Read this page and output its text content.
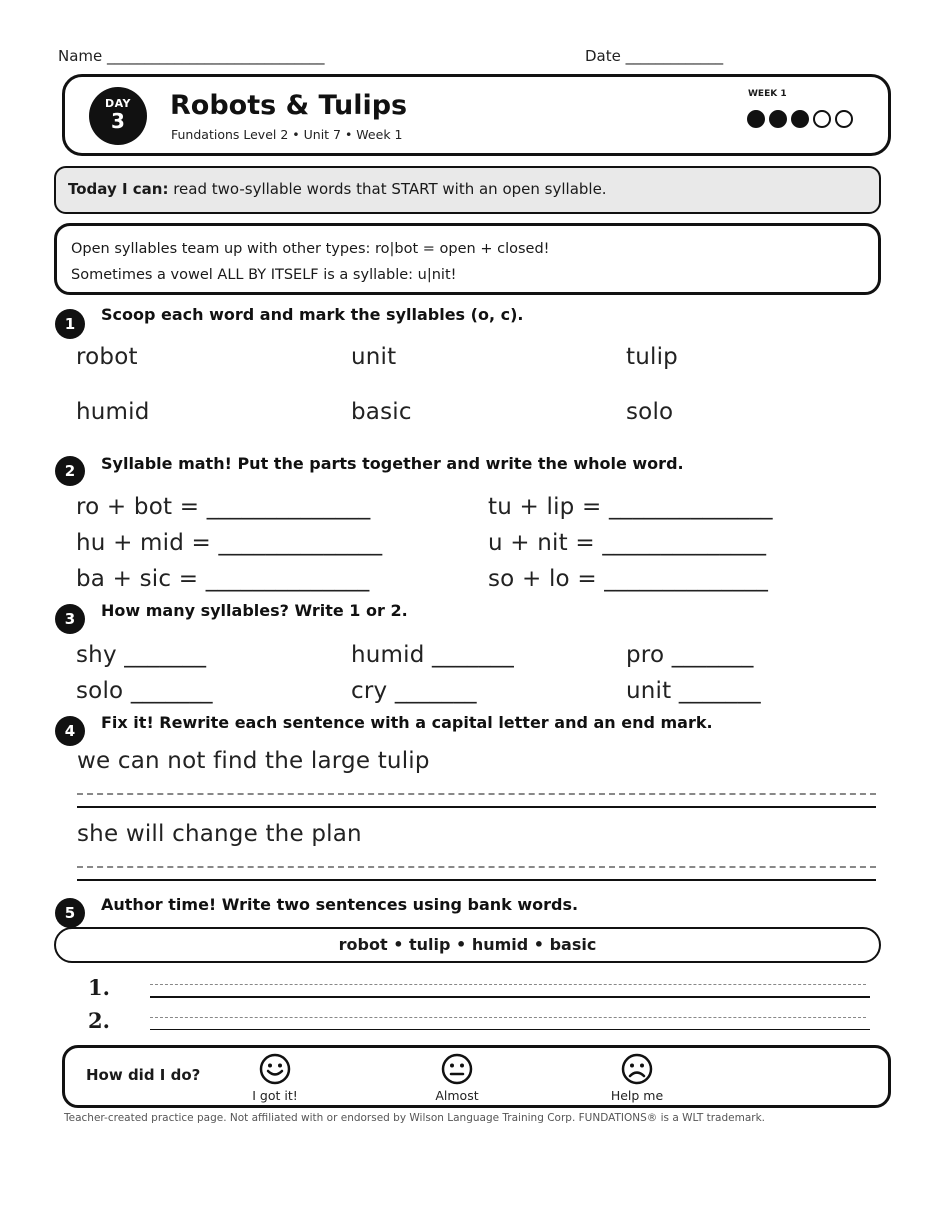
Name _____________________________	Date _____________
DAY
3	Robots & Tulips
Fundations Level 2 • Unit 7 • Week 1
WEEK 1
Today I can: read two-syllable words that START with an open syllable.
Open syllables team up with other types: ro|bot = open + closed!
Sometimes a vowel ALL BY ITSELF is a syllable: u|nit!
1	Scoop each word and mark the syllables (o, c).
robot	unit	tulip
humid	basic	solo
2	Syllable math! Put the parts together and write the whole word.
ro + bot = ______________	tu + lip = ______________
hu + mid = ______________	u + nit = ______________
ba + sic = ______________	so + lo = ______________
3	How many syllables? Write 1 or 2.
shy _______	humid _______	pro _______
solo _______	cry _______	unit _______
4	Fix it! Rewrite each sentence with a capital letter and an end mark.
we can not find the large tulip
she will change the plan
5	Author time! Write two sentences using bank words.
robot • tulip • humid • basic
1.
2.
How did I do?
I got it!	Almost	Help me
Teacher-created practice page. Not affiliated with or endorsed by Wilson Language Training Corp. FUNDATIONS® is a WLT trademark.
